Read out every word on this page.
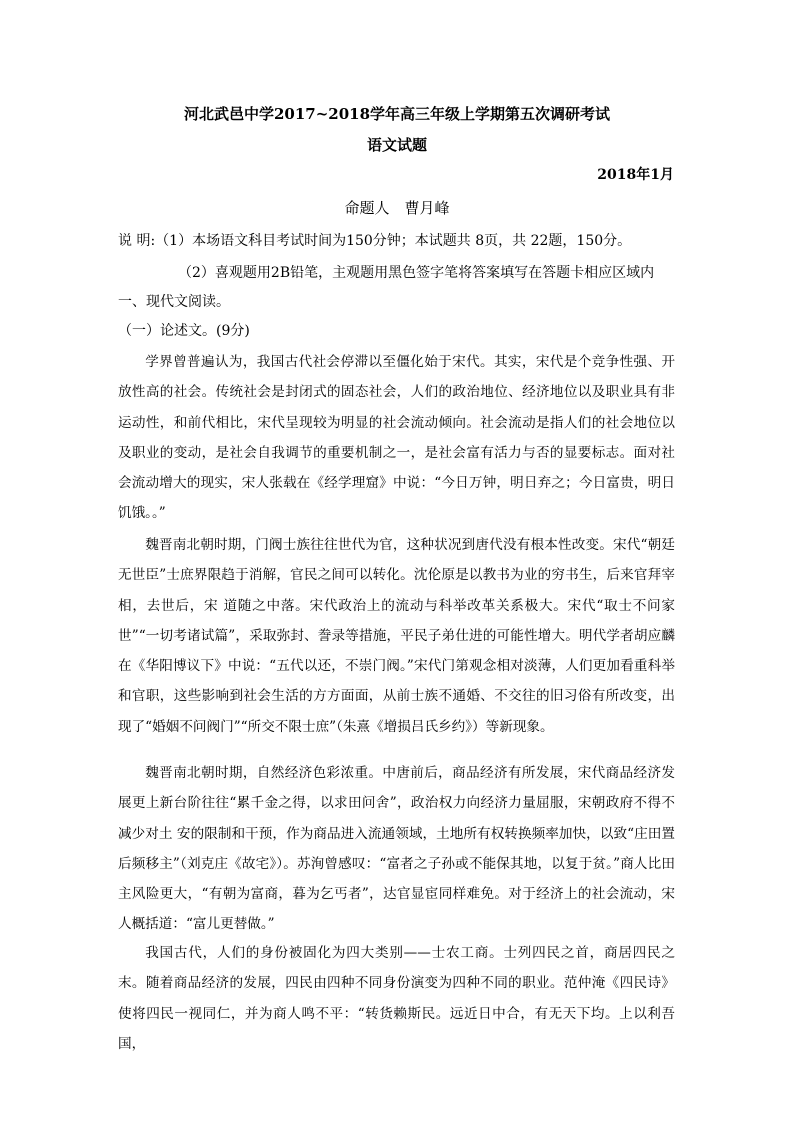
河北武邑中学2017~2018学年高三年级上学期第五次调研考试
语文试题
2018年1月
命题人　曹月峰
说 明:（1）本场语文科目考试时间为150分钟；本试题共 8页，共 22题，150分。
（2）喜观题用2B铅笔，主观题用黑色签字笔将答案填写在答题卡相应区域内
一、现代文阅读。
（一）论述文。(9分)

学界曾普遍认为，我国古代社会停滞以至僵化始于宋代。其实，宋代是个竞争性强、开放性高的社会。传统社会是封闭式的固态社会，人们的政治地位、经济地位以及职业具有非运动性，和前代相比，宋代呈现较为明显的社会流动倾向。社会流动是指人们的社会地位以及职业的变动，是社会自我调节的重要机制之一，是社会富有活力与否的显要标志。面对社会流动增大的现实，宋人张载在《经学理窟》中说：“今日万钟，明日弃之；今日富贵，明日饥饿。。”

魏晋南北朝时期，门阀士族往往世代为官，这种状况到唐代没有根本性改变。宋代“朝廷无世臣”士庶界限趋于消解，官民之间可以转化。沈伦原是以教书为业的穷书生，后来官拜宰相，去世后，宋 道随之中落。宋代政治上的流动与科举改革关系极大。宋代“取士不问家世”“一切考诸试篇”，采取弥封、誊录等措施，平民子弟仕进的可能性增大。明代学者胡应麟在《华阳博议下》中说：“五代以还，不崇门阀。”宋代门第观念相对淡薄，人们更加看重科举和官职，这些影响到社会生活的方方面面，从前士族不通婚、不交往的旧习俗有所改变，出现了“婚姻不问阀门”“所交不限士庶”（朱熹《增损吕氏乡约》）等新现象。

魏晋南北朝时期，自然经济色彩浓重。中唐前后，商品经济有所发展，宋代商品经济发展更上新台阶往往“累千金之得，以求田问舍”，政治权力向经济力量屈服，宋朝政府不得不减少对土 安的限制和干预，作为商品进入流通领域，土地所有权转换频率加快，以致“庄田置后频移主”（刘克庄《故宅》）。苏洵曾感叹：“富者之子孙或不能保其地，以复于贫。”商人比田主风险更大，“有朝为富商，暮为乞丐者”，达官显宦同样难免。对于经济上的社会流动，宋人概括道：“富儿更替做。”

我国古代，人们的身份被固化为四大类别——士农工商。士列四民之首，商居四民之末。随着商品经济的发展，四民由四种不同身份演变为四种不同的职业。范仲淹《四民诗》使将四民一视同仁，并为商人鸣不平：“转货赖斯民。远近日中合，有无天下均。上以利吾国，
